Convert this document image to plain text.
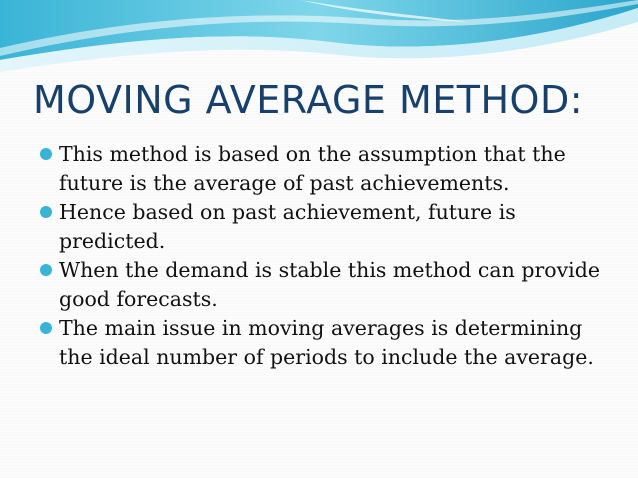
MOVING AVERAGE METHOD:
This method is based on the assumption that the future is the average of past achievements.
Hence based on past achievement, future is predicted.
When the demand is stable this method can provide good forecasts.
The main issue in moving averages is determining the ideal number of periods to include the average.
